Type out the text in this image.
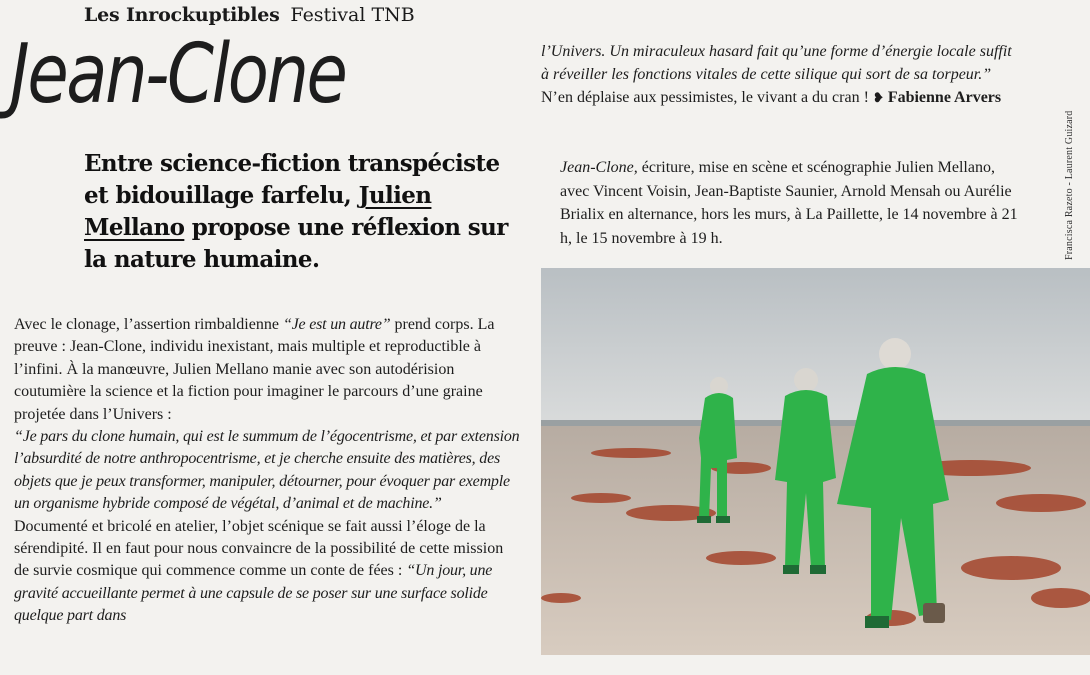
Les Inrockuptibles Festival TNB
Jean-Clone

Entre science-fiction transpéciste et bidouillage farfelu, Julien Mellano propose une réflexion sur la nature humaine.

Avec le clonage, l’assertion rimbaldienne “Je est un autre” prend corps. La preuve : Jean-Clone, individu inexistant, mais multiple et reproductible à l’infini. À la manœuvre, Julien Mellano manie avec son autodérision coutumière la science et la fiction pour imaginer le parcours d’une graine projetée dans l’Univers :

“Je pars du clone humain, qui est le summum de l’égocentrisme, et par extension l’absurdité de notre anthropocentrisme, et je cherche ensuite des matières, des objets que je peux transformer, manipuler, détourner, pour évoquer par exemple un organisme hybride composé de végétal, d’animal et de machine.”

Documenté et bricolé en atelier, l’objet scénique se fait aussi l’éloge de la sérendipité. Il en faut pour nous convaincre de la possibilité de cette mission de survie cosmique qui commence comme un conte de fées : “Un jour, une gravité accueillante permet à une capsule de se poser sur une surface solide quelque part dans

l’Univers. Un miraculeux hasard fait qu’une forme d’énergie locale suffit à réveiller les fonctions vitales de cette silique qui sort de sa torpeur.” N’en déplaise aux pessimistes, le vivant a du cran ! ❥ Fabienne Arvers

Jean-Clone, écriture, mise en scène et scénographie Julien Mellano, avec Vincent Voisin, Jean-Baptiste Saunier, Arnold Mensah ou Aurélie Brialix en alternance, hors les murs, à La Paillette, le 14 novembre à 21 h, le 15 novembre à 19 h.	Francisca Razeto - Laurent Guizard
